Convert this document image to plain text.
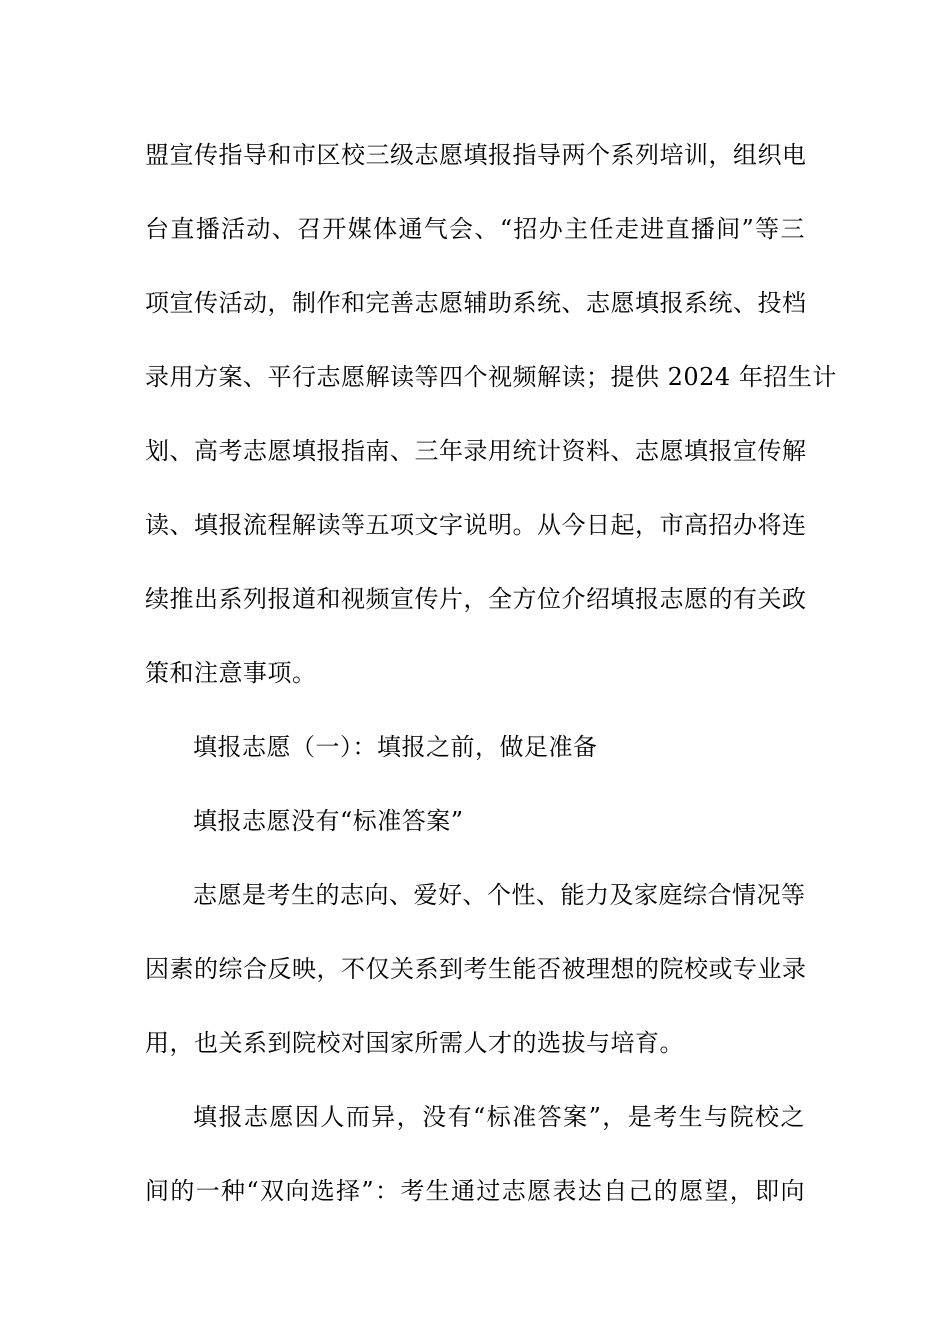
盟宣传指导和市区校三级志愿填报指导两个系列培训，组织电
台直播活动、召开媒体通气会、“招办主任走进直播间”等三
项宣传活动，制作和完善志愿辅助系统、志愿填报系统、投档
录用方案、平行志愿解读等四个视频解读；提供 2024 年招生计
划、高考志愿填报指南、三年录用统计资料、志愿填报宣传解
读、填报流程解读等五项文字说明。从今日起，市高招办将连
续推出系列报道和视频宣传片，全方位介绍填报志愿的有关政
策和注意事项。
填报志愿（一）：填报之前，做足准备
填报志愿没有“标准答案”
志愿是考生的志向、爱好、个性、能力及家庭综合情况等
因素的综合反映，不仅关系到考生能否被理想的院校或专业录
用，也关系到院校对国家所需人才的选拔与培育。
填报志愿因人而异，没有“标准答案”，是考生与院校之
间的一种“双向选择”：考生通过志愿表达自己的愿望，即向
